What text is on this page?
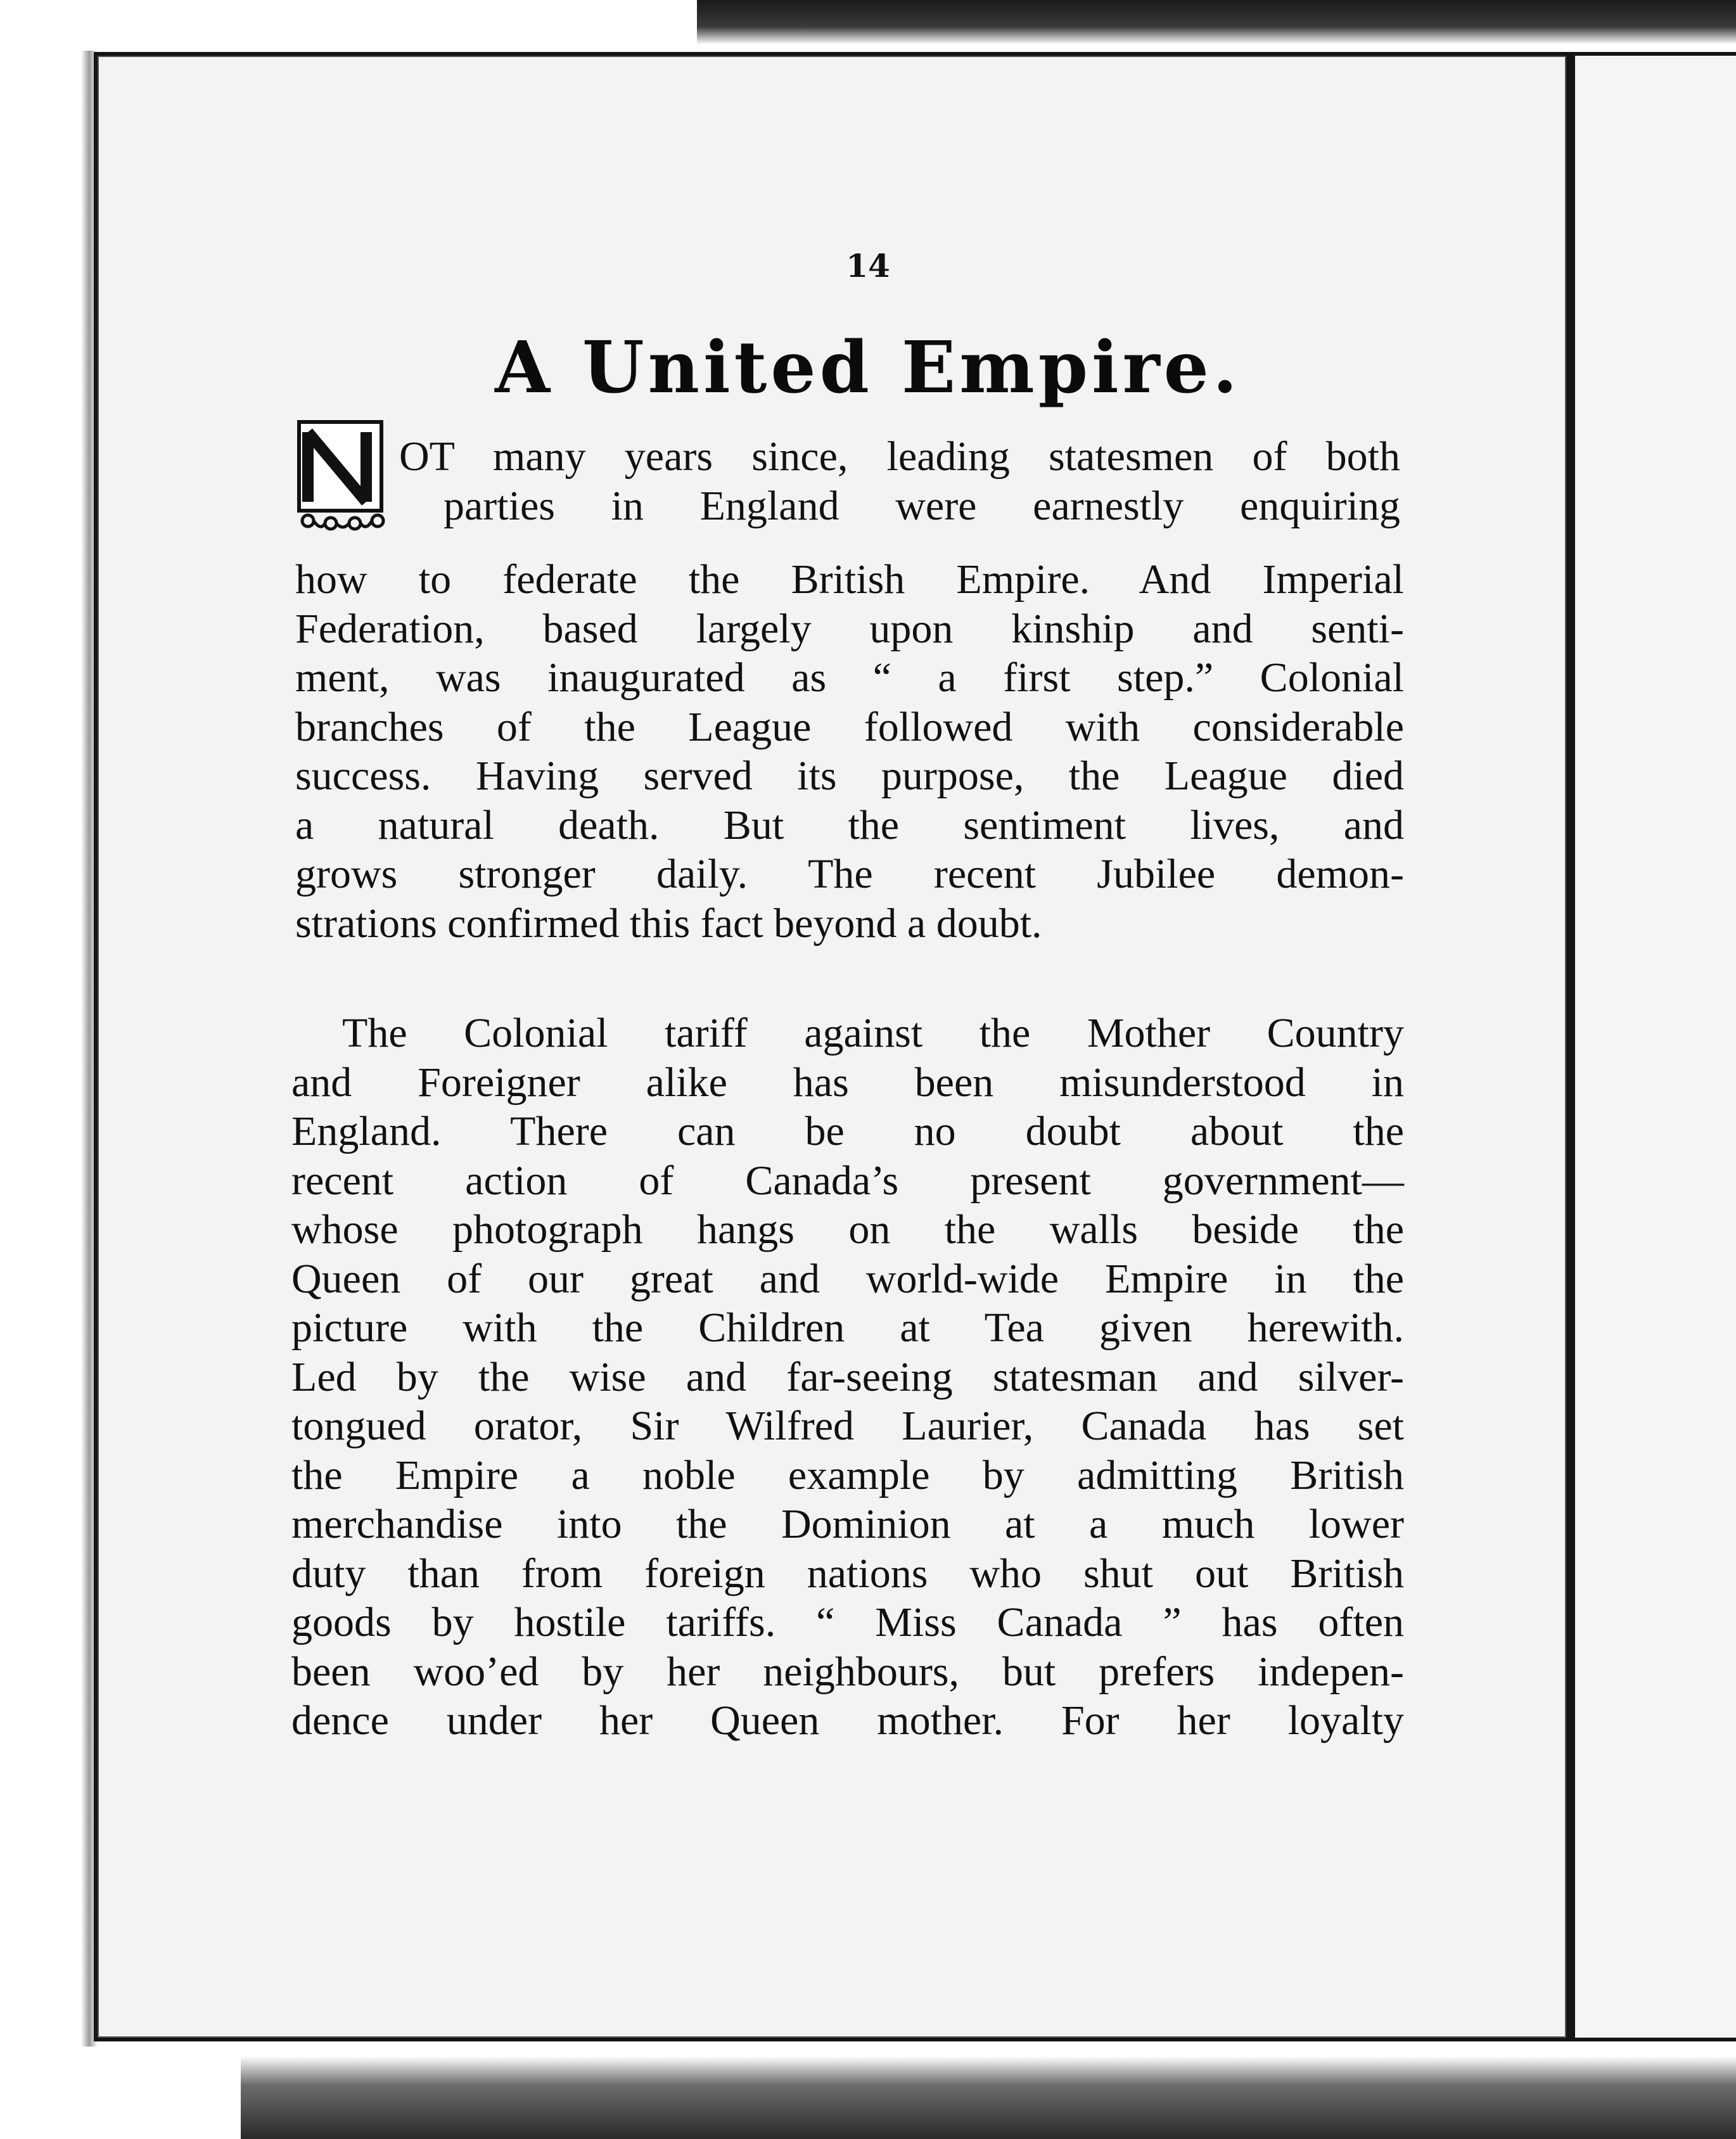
14
A United Empire.
N
OT many years since, leading statesmen of both
parties in England were earnestly enquiring
how to federate the British Empire. And Imperial
Federation, based largely upon kinship and senti-
ment, was inaugurated as “ a first step.” Colonial
branches of the League followed with considerable
success. Having served its purpose, the League died
a natural death. But the sentiment lives, and
grows stronger daily. The recent Jubilee demon-
strations confirmed this fact beyond a doubt.
The Colonial tariff against the Mother Country
and Foreigner alike has been misunderstood in
England. There can be no doubt about the
recent action of Canada’s present government—
whose photograph hangs on the walls beside the
Queen of our great and world-wide Empire in the
picture with the Children at Tea given herewith.
Led by the wise and far-seeing statesman and silver-
tongued orator, Sir Wilfred Laurier, Canada has set
the Empire a noble example by admitting British
merchandise into the Dominion at a much lower
duty than from foreign nations who shut out British
goods by hostile tariffs. “ Miss Canada ” has often
been woo’ed by her neighbours, but prefers indepen-
dence under her Queen mother. For her loyalty
